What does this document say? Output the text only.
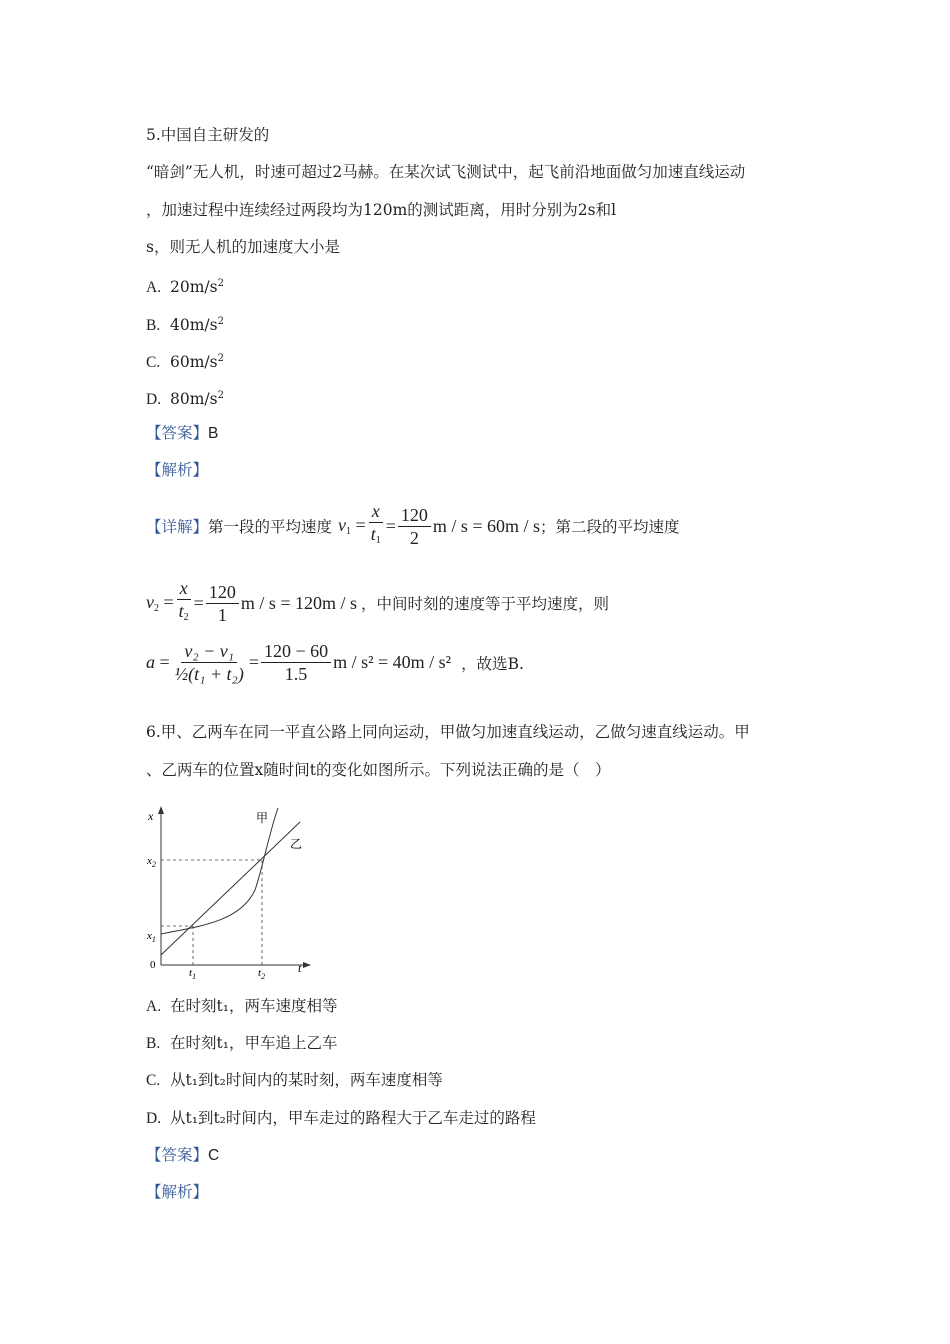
5.中国自主研发的
“暗剑”无人机，时速可超过2马赫。在某次试飞测试中，起飞前沿地面做匀加速直线运动
，加速过程中连续经过两段均为120m的测试距离，用时分别为2s和l
s，则无人机的加速度大小是
A. $20m/s^2$
B. $40m/s^2$
C. $60m/s^2$
D. $80m/s^2$
【答案】B
【解析】
【详解】 第一段的平均速度 $v_1 = \frac{x}{t_1} = \frac{120}{2}$ m / s = 60m / s ；第二段的平均速度
$v_2 = \frac{x}{t_2} = \frac{120}{1}$ m / s = 120m / s ，中间时刻的速度等于平均速度，则
$a = \frac{\text{v₂ − v₁}}{\text{½(t₁ + t₂)}} = \frac{120 - 60}{1.5}$ m / s² = 40m / s² ，故选B.
6.甲、乙两车在同一平直公路上同向运动，甲做匀加速直线运动，乙做匀速直线运动。甲
、乙两车的位置x随时间t的变化如图所示。下列说法正确的是（　）
x
t
0
$x_2$
$x_1$
$t_1$	$t_2$
甲
乙
A. 在时刻t₁，两车速度相等
B. 在时刻t₁，甲车追上乙车
C. 从t₁到t₂时间内的某时刻，两车速度相等
D. 从t₁到t₂时间内，甲车走过的路程大于乙车走过的路程
【答案】C
【解析】
